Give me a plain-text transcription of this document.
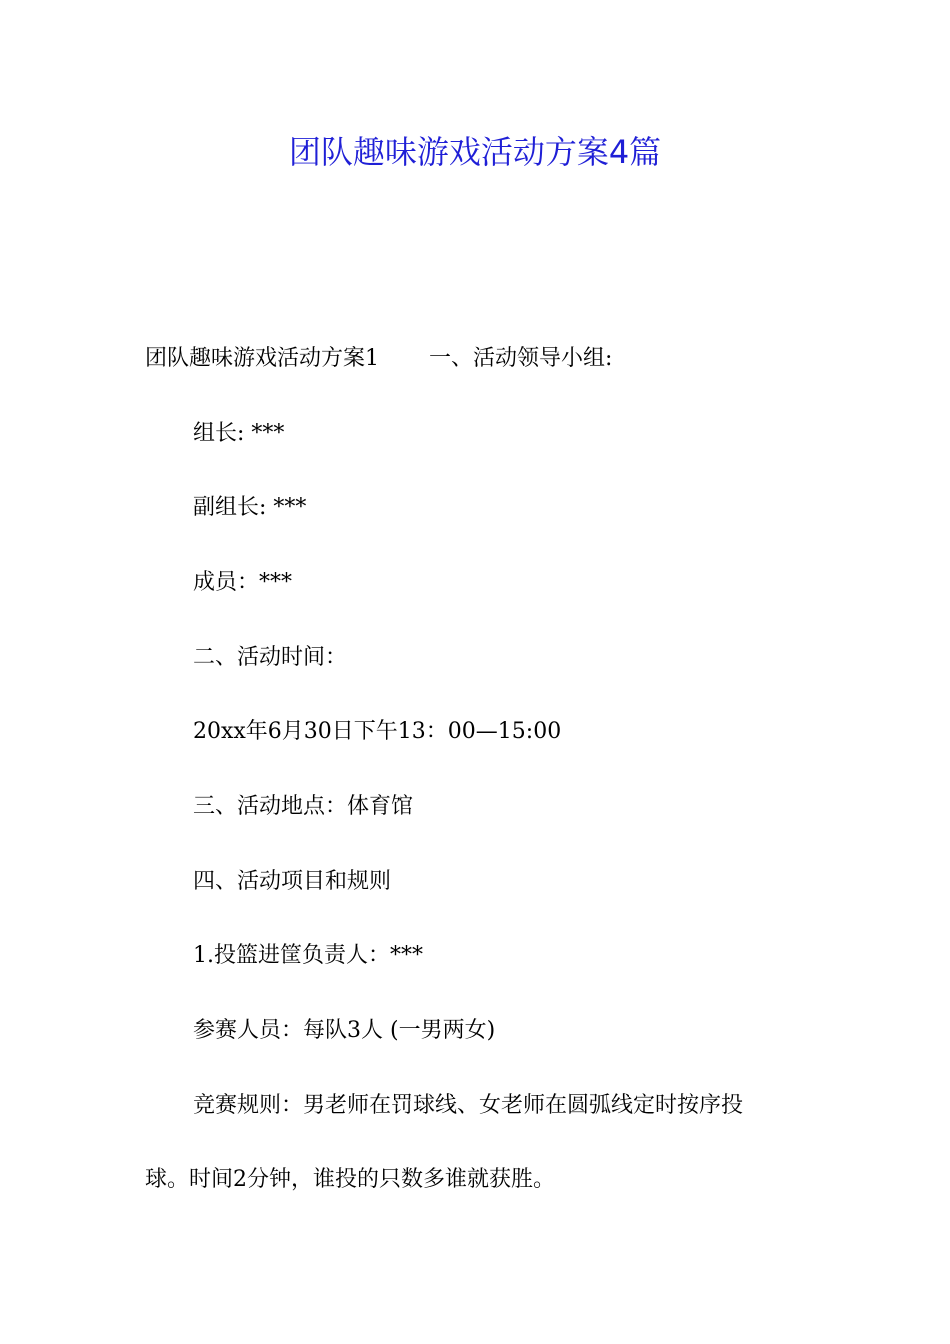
团队趣味游戏活动方案4篇

团队趣味游戏活动方案1 一、活动领导小组:

组长: ***

副组长: ***

成员：***

二、活动时间：

20xx年6月30日下午13：00—15:00

三、活动地点：体育馆

四、活动项目和规则

1.投篮进筐负责人：***

参赛人员：每队3人 (一男两女)

竞赛规则：男老师在罚球线、女老师在圆弧线定时按序投

球。时间2分钟，谁投的只数多谁就获胜。
